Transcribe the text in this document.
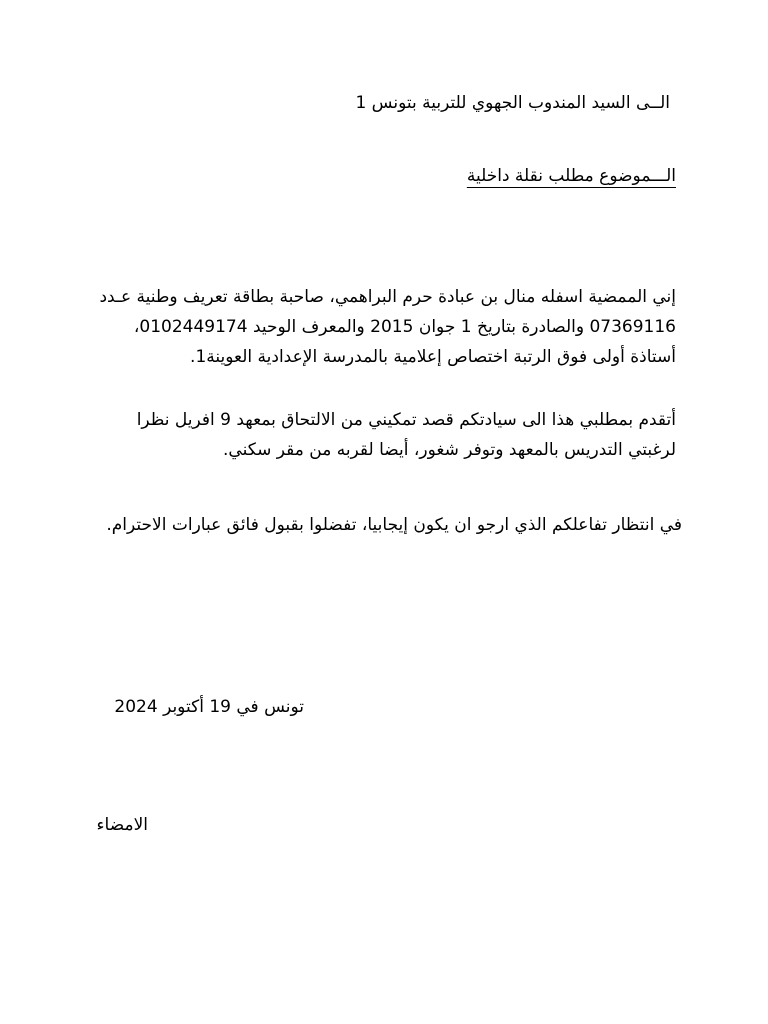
الــى السيد المندوب الجهوي للتربية بتونس 1
الـــموضوع مطلب نقلة داخلية
إني الممضية اسفله منال بن عبادة حرم البراهمي، صاحبة بطاقة تعريف وطنية عـدد 07369116 والصادرة بتاريخ 1 جوان 2015 والمعرف الوحيد 0102449174، أستاذة أولى فوق الرتبة اختصاص إعلامية بالمدرسة الإعدادية العوينة1.
أتقدم بمطلبي هذا الى سيادتكم قصد تمكيني من الالتحاق بمعهد 9 افريل نظرا لرغبتي التدريس بالمعهد وتوفر شغور، أيضا لقربه من مقر سكني.
في انتظار تفاعلكم الذي ارجو ان يكون إيجابيا، تفضلوا بقبول فائق عبارات الاحترام.
تونس في 19 أكتوبر 2024
الامضاء
